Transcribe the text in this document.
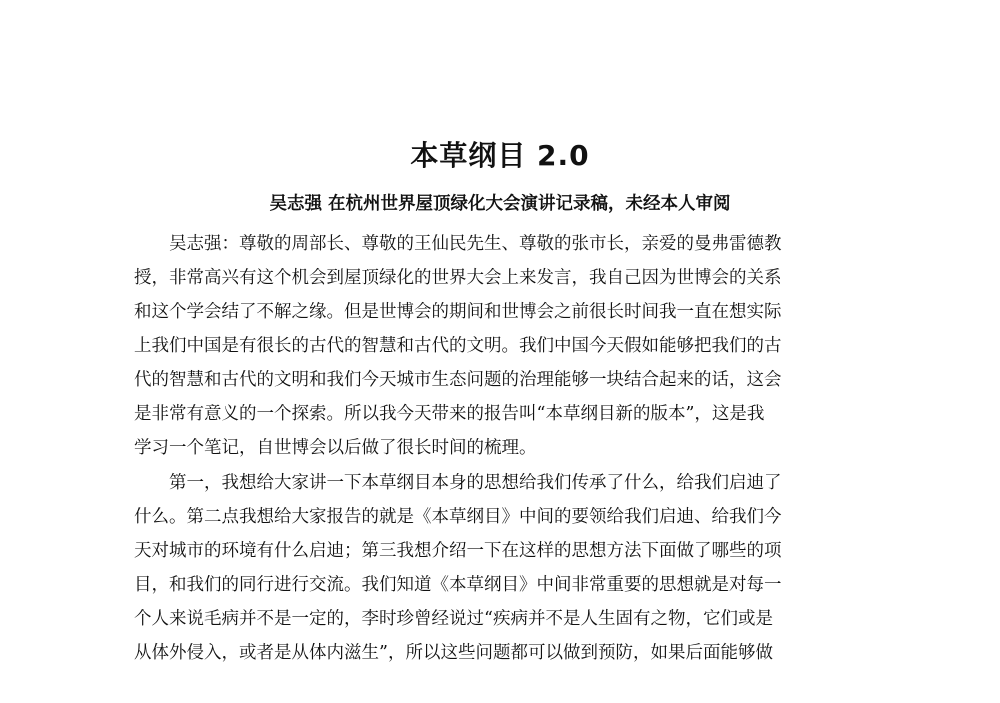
本草纲目 2.0
吴志强 在杭州世界屋顶绿化大会演讲记录稿，未经本人审阅
　　吴志强：尊敬的周部长、尊敬的王仙民先生、尊敬的张市长，亲爱的曼弗雷德教
授，非常高兴有这个机会到屋顶绿化的世界大会上来发言，我自己因为世博会的关系
和这个学会结了不解之缘。但是世博会的期间和世博会之前很长时间我一直在想实际
上我们中国是有很长的古代的智慧和古代的文明。我们中国今天假如能够把我们的古
代的智慧和古代的文明和我们今天城市生态问题的治理能够一块结合起来的话，这会
是非常有意义的一个探索。所以我今天带来的报告叫“本草纲目新的版本”，这是我
学习一个笔记，自世博会以后做了很长时间的梳理。
　　第一，我想给大家讲一下本草纲目本身的思想给我们传承了什么，给我们启迪了
什么。第二点我想给大家报告的就是《本草纲目》中间的要领给我们启迪、给我们今
天对城市的环境有什么启迪；第三我想介绍一下在这样的思想方法下面做了哪些的项
目，和我们的同行进行交流。我们知道《本草纲目》中间非常重要的思想就是对每一
个人来说毛病并不是一定的，李时珍曾经说过“疾病并不是人生固有之物，它们或是
从体外侵入，或者是从体内滋生”，所以这些问题都可以做到预防，如果后面能够做
